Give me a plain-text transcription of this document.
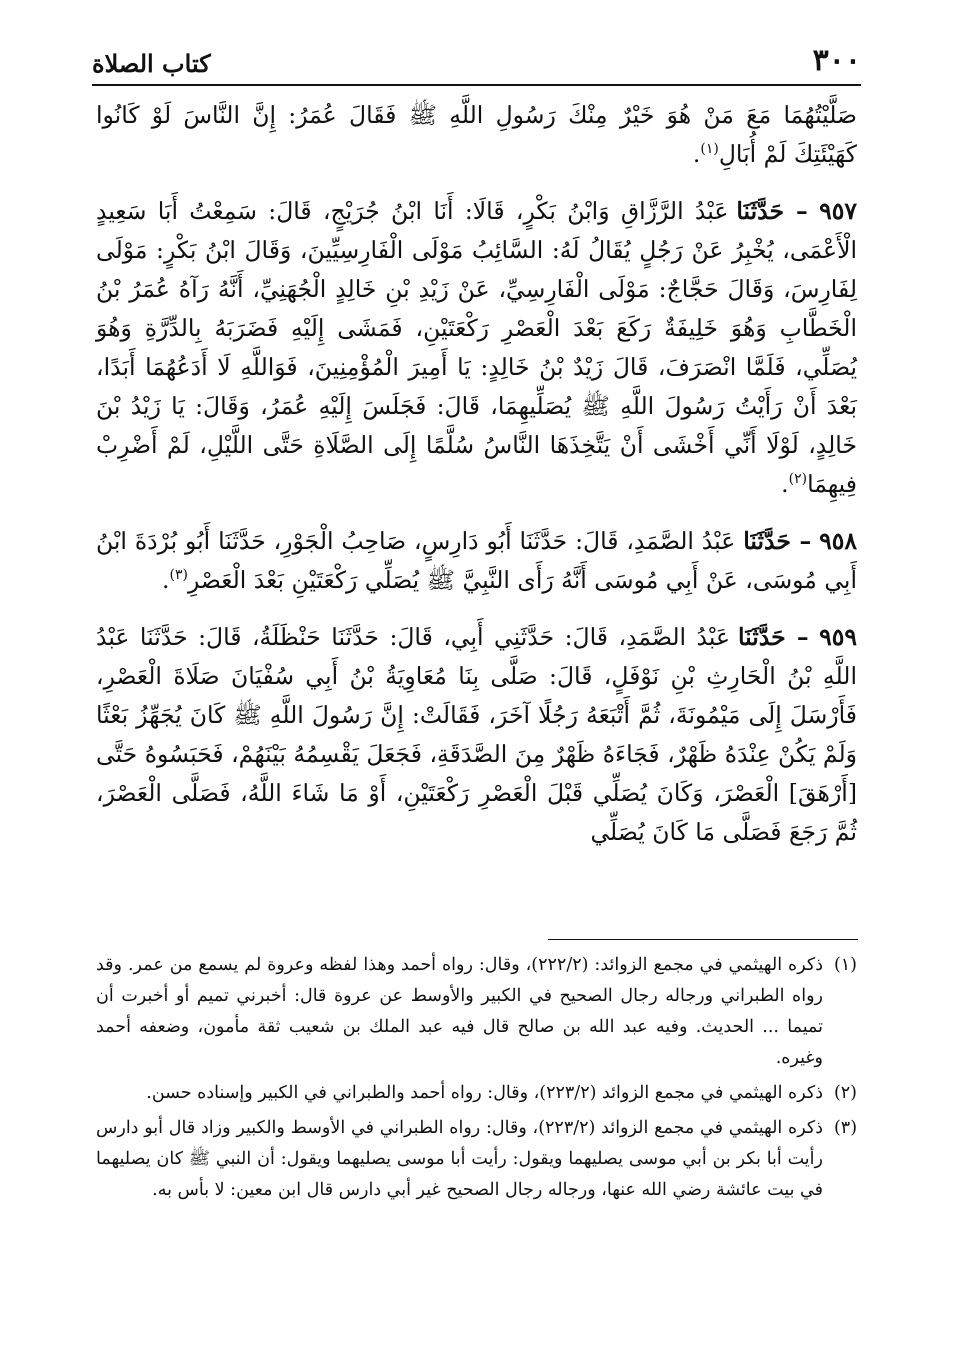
٣٠٠
كتاب الصلاة

صَلَّيْتُهُمَا مَعَ مَنْ هُوَ خَيْرٌ مِنْكَ رَسُولِ اللَّهِ ﷺ فَقَالَ عُمَرُ: إِنَّ النَّاسَ لَوْ كَانُوا كَهَيْئَتِكَ لَمْ أُبَالِ$^{(١)}$.

٩٥٧ – حَدَّثَنَاعَبْدُ الرَّزَّاقِ وَابْنُ بَكْرٍ، قَالَا: أَنَا ابْنُ جُرَيْجٍ، قَالَ: سَمِعْتُ أَبَا سَعِيدٍ الْأَعْمَى، يُخْبِرُ عَنْ رَجُلٍ يُقَالُ لَهُ: السَّائِبُ مَوْلَى الْفَارِسِيِّينَ، وَقَالَ ابْنُ بَكْرٍ: مَوْلَى لِفَارِسَ، وَقَالَ حَجَّاجٌ: مَوْلَى الْفَارِسِيِّ، عَنْ زَيْدِ بْنِ خَالِدٍ الْجُهَنِيِّ، أَنَّهُ رَآهُ عُمَرُ بْنُ الْخَطَّابِ وَهُوَ خَلِيفَةٌ رَكَعَ بَعْدَ الْعَصْرِ رَكْعَتَيْنِ، فَمَشَى إِلَيْهِ فَضَرَبَهُ بِالدِّرَّةِ وَهُوَ يُصَلِّي، فَلَمَّا انْصَرَفَ، قَالَ زَيْدٌ بْنُ خَالِدٍ: يَا أَمِيرَ الْمُؤْمِنِينَ، فَوَاللَّهِ لَا أَدَعُهُمَا أَبَدًا، بَعْدَ أَنْ رَأَيْتُ رَسُولَ اللَّهِ ﷺ يُصَلِّيهِمَا، قَالَ: فَجَلَسَ إِلَيْهِ عُمَرُ، وَقَالَ: يَا زَيْدُ بْنَ خَالِدٍ، لَوْلَا أَنِّي أَخْشَى أَنْ يَتَّخِذَهَا النَّاسُ سُلَّمًا إِلَى الصَّلَاةِ حَتَّى اللَّيْلِ، لَمْ أَضْرِبْ فِيهِمَا$^{(٢)}$.

٩٥٨ – حَدَّثَنَاعَبْدُ الصَّمَدِ، قَالَ: حَدَّثَنَا أَبُو دَارِسٍ، صَاحِبُ الْجَوْرِ، حَدَّثَنَا أَبُو بُرْدَةَ ابْنُ أَبِي مُوسَى، عَنْ أَبِي مُوسَى أَنَّهُ رَأَى النَّبِيَّ ﷺ يُصَلِّي رَكْعَتَيْنِ بَعْدَ الْعَصْرِ$^{(٣)}$.

٩٥٩ – حَدَّثَنَاعَبْدُ الصَّمَدِ، قَالَ: حَدَّثَنِي أَبِي، قَالَ: حَدَّثَنَا حَنْظَلَةُ، قَالَ: حَدَّثَنَا عَبْدُ اللَّهِ بْنُ الْحَارِثِ بْنِ نَوْفَلٍ، قَالَ: صَلَّى بِنَا مُعَاوِيَةُ بْنُ أَبِي سُفْيَانَ صَلَاةَ الْعَصْرِ، فَأَرْسَلَ إِلَى مَيْمُونَةَ، ثُمَّ أَتْبَعَهُ رَجُلًا آخَرَ، فَقَالَتْ: إِنَّ رَسُولَ اللَّهِ ﷺ كَانَ يُجَهِّزُ بَعْثًا وَلَمْ يَكُنْ عِنْدَهُ ظَهْرٌ، فَجَاءَهُ ظَهْرٌ مِنَ الصَّدَقَةِ، فَجَعَلَ يَقْسِمُهُ بَيْنَهُمْ، فَحَبَسُوهُ حَتَّى [أَرْهَقَ] الْعَصْرَ، وَكَانَ يُصَلِّي قَبْلَ الْعَصْرِ رَكْعَتَيْنِ، أَوْ مَا شَاءَ اللَّهُ، فَصَلَّى الْعَصْرَ، ثُمَّ رَجَعَ فَصَلَّى مَا كَانَ يُصَلِّي

(١)ذكره الهيثمي في مجمع الزوائد: (٢٢٢/٢)، وقال: رواه أحمد وهذا لفظه وعروة لم يسمع من عمر. وقد رواه الطبراني ورجاله رجال الصحيح في الكبير والأوسط عن عروة قال: أخبرني تميم أو أخبرت أن تميما ... الحديث. وفيه عبد الله بن صالح قال فيه عبد الملك بن شعيب ثقة مأمون، وضعفه أحمد وغيره.

(٢)ذكره الهيثمي في مجمع الزوائد (٢٢٣/٢)، وقال: رواه أحمد والطبراني في الكبير وإسناده حسن.

(٣)ذكره الهيثمي في مجمع الزوائد (٢٢٣/٢)، وقال: رواه الطبراني في الأوسط والكبير وزاد قال أبو دارس رأيت أبا بكر بن أبي موسى يصليهما ويقول: رأيت أبا موسى يصليهما ويقول: أن النبي ﷺ كان يصليهما في بيت عائشة رضي الله عنها، ورجاله رجال الصحيح غير أبي دارس قال ابن معين: لا بأس به.
